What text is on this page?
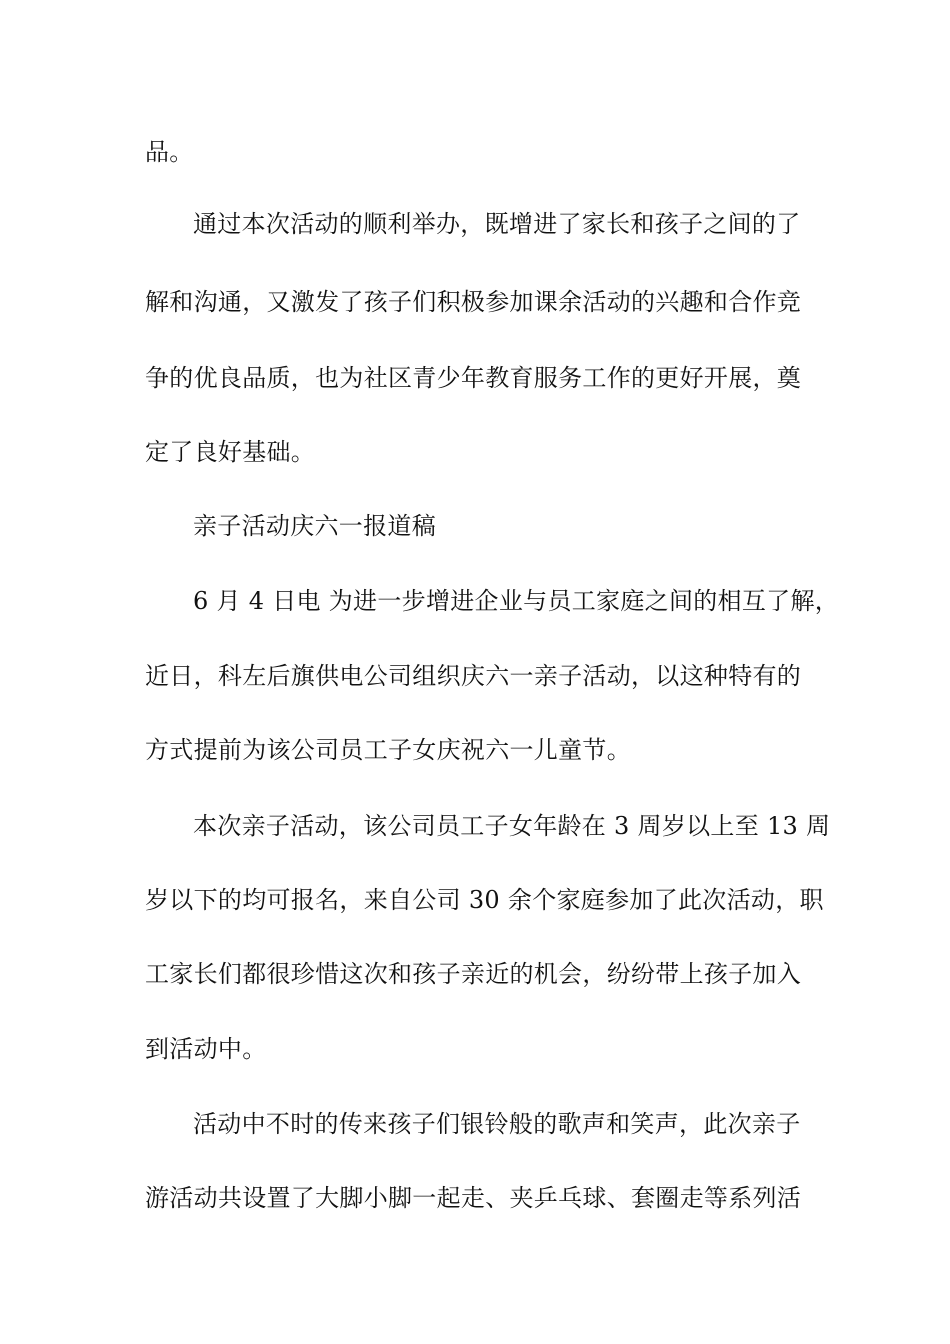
品。
通过本次活动的顺利举办，既增进了家长和孩子之间的了
解和沟通，又激发了孩子们积极参加课余活动的兴趣和合作竞
争的优良品质，也为社区青少年教育服务工作的更好开展，奠
定了良好基础。
亲子活动庆六一报道稿
6 月 4 日电 为进一步增进企业与员工家庭之间的相互了解，
近日，科左后旗供电公司组织庆六一亲子活动，以这种特有的
方式提前为该公司员工子女庆祝六一儿童节。
本次亲子活动，该公司员工子女年龄在 3 周岁以上至 13 周
岁以下的均可报名，来自公司 30 余个家庭参加了此次活动，职
工家长们都很珍惜这次和孩子亲近的机会，纷纷带上孩子加入
到活动中。
活动中不时的传来孩子们银铃般的歌声和笑声，此次亲子
游活动共设置了大脚小脚一起走、夹乒乓球、套圈走等系列活
